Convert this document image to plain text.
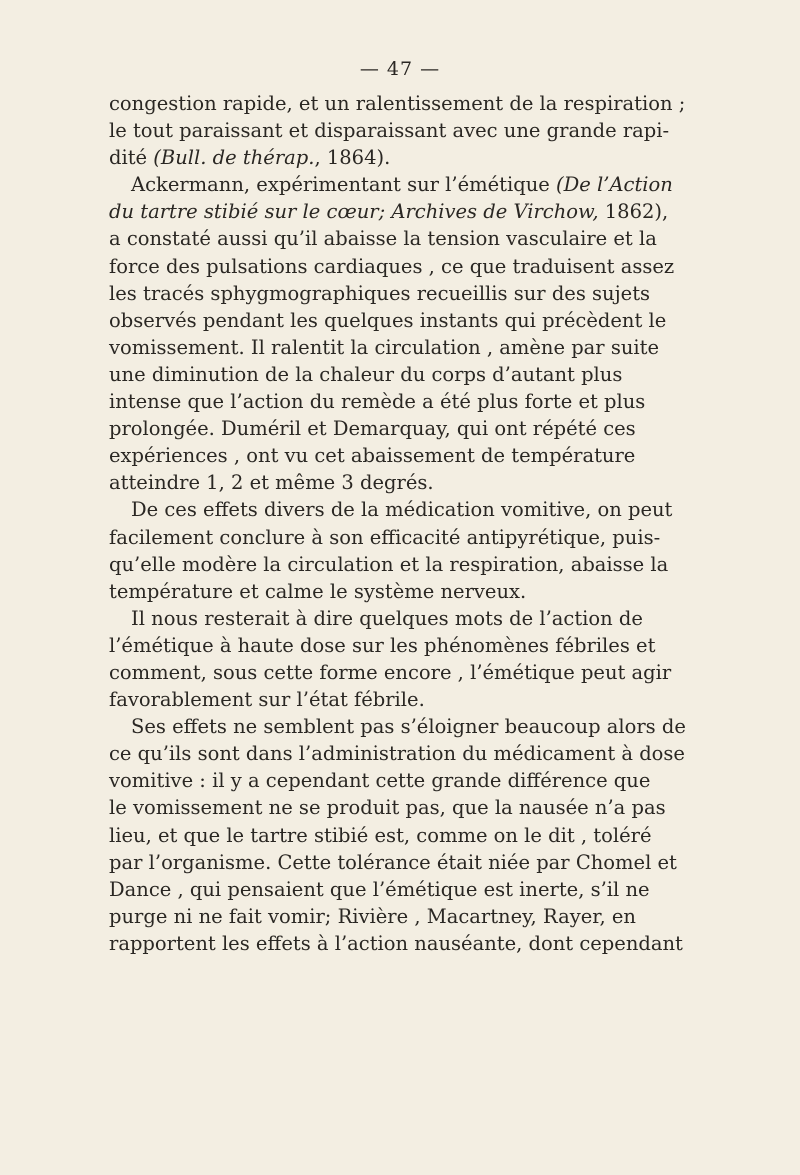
— 47 —
congestion rapide, et un ralentissement de la respiration ;
le tout paraissant et disparaissant avec une grande rapi-
dité (Bull. de thérap., 1864).
Ackermann, expérimentant sur l’émétique (De l’Action
du tartre stibié sur le cœur; Archives de Virchow, 1862),
a constaté aussi qu’il abaisse la tension vasculaire et la
force des pulsations cardiaques , ce que traduisent assez
les tracés sphygmographiques recueillis sur des sujets
observés pendant les quelques instants qui précèdent le
vomissement. Il ralentit la circulation , amène par suite
une diminution de la chaleur du corps d’autant plus
intense que l’action du remède a été plus forte et plus
prolongée. Duméril et Demarquay, qui ont répété ces
expériences , ont vu cet abaissement de température
atteindre 1, 2 et même 3 degrés.
De ces effets divers de la médication vomitive, on peut
facilement conclure à son efficacité antipyrétique, puis-
qu’elle modère la circulation et la respiration, abaisse la
température et calme le système nerveux.
Il nous resterait à dire quelques mots de l’action de
l’émétique à haute dose sur les phénomènes fébriles et
comment, sous cette forme encore , l’émétique peut agir
favorablement sur l’état fébrile.
Ses effets ne semblent pas s’éloigner beaucoup alors de
ce qu’ils sont dans l’administration du médicament à dose
vomitive : il y a cependant cette grande différence que
le vomissement ne se produit pas, que la nausée n’a pas
lieu, et que le tartre stibié est, comme on le dit , toléré
par l’organisme. Cette tolérance était niée par Chomel et
Dance , qui pensaient que l’émétique est inerte, s’il ne
purge ni ne fait vomir; Rivière , Macartney, Rayer, en
rapportent les effets à l’action nauséante, dont cependant
